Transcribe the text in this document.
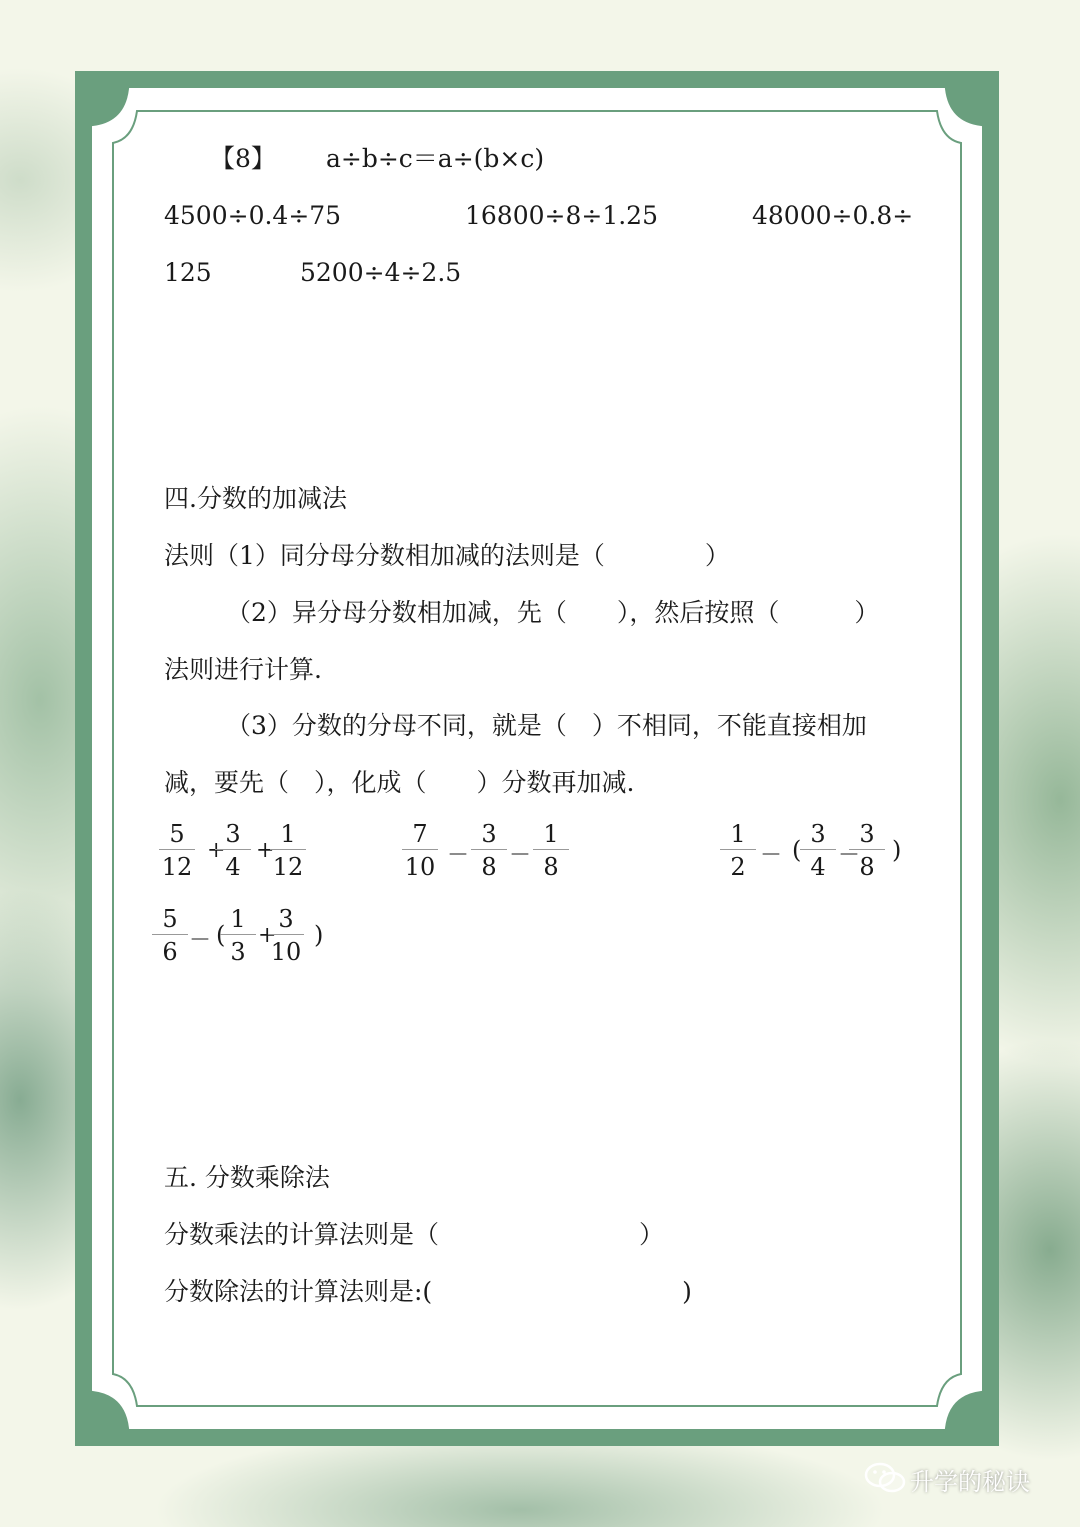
【8】 a÷b÷c＝a÷(b×c)
4500÷0.4÷75	16800÷8÷1.25	48000÷0.8÷
125	5200÷4÷2.5
四.分数的加减法
法则（1）同分母分数相加减的法则是（　　　　）
（2）异分母分数相加减，先（　　），然后按照（　　　）
法则进行计算.
（3）分数的分母不同，就是（　）不相同，不能直接相加
减，要先（　），化成（　　）分数再加减.
$\frac{5}{12}$ +
$\frac{3}{4}$ +
$\frac{1}{12}$	$\frac{7}{10} - \frac{3}{8} - \frac{1}{8}$	$\frac{1}{2}$ － (
$\frac{3}{4}$ －
$\frac{3}{8}$ )
$\frac{5}{6}$ － (
$\frac{1}{3}$ +
$\frac{3}{10}$ )
五. 分数乘除法
分数乘法的计算法则是（　　　　　　　　）
分数除法的计算法则是:(　　　　　　　　　　)
升学的秘诀
